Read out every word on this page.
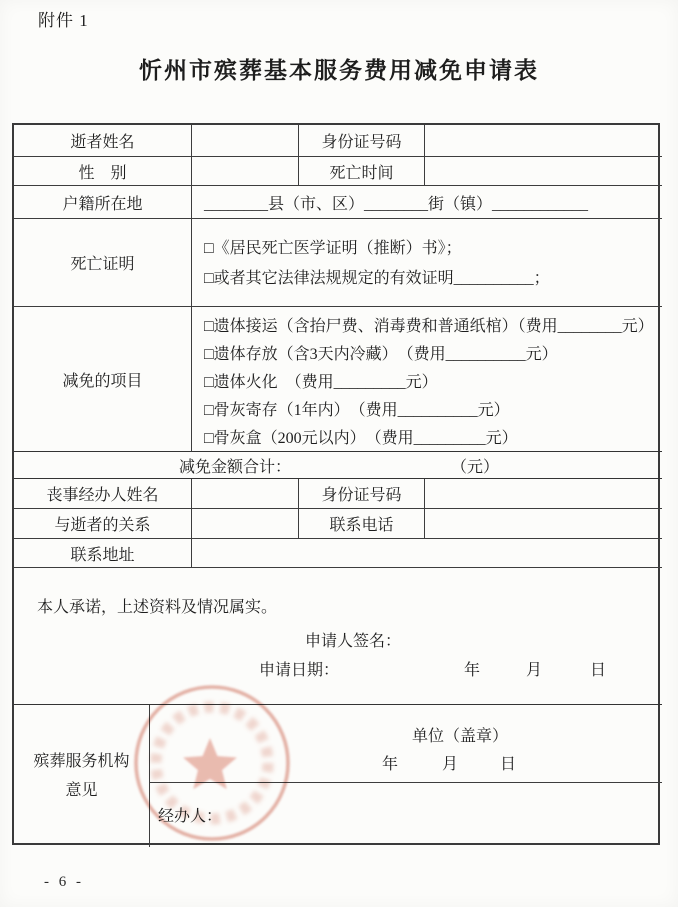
附件 1
忻州市殡葬基本服务费用减免申请表
逝者姓名	身份证号码
性　别	死亡时间
户籍所在地	________县（市、区）________街（镇）____________
死亡证明
□《居民死亡医学证明（推断）书》；
□或者其它法律法规规定的有效证明__________；
减免的项目
□遗体接运（含抬尸费、消毒费和普通纸棺）（费用________元）
□遗体存放（含3天内冷藏）　（费用__________元）
□遗体火化　（费用_________元）
□骨灰寄存（1年内）　（费用__________元）
□骨灰盒（200元以内）　（费用_________元）
减免金额合计：	（元）
丧事经办人姓名	身份证号码
与逝者的关系	联系电话
联系地址
本人承诺，上述资料及情况属实。
申请人签名：
申请日期：	年	月	日
殡葬服务机构
意见
单位（盖章）
年	月	日
经办人：
- 6 -
